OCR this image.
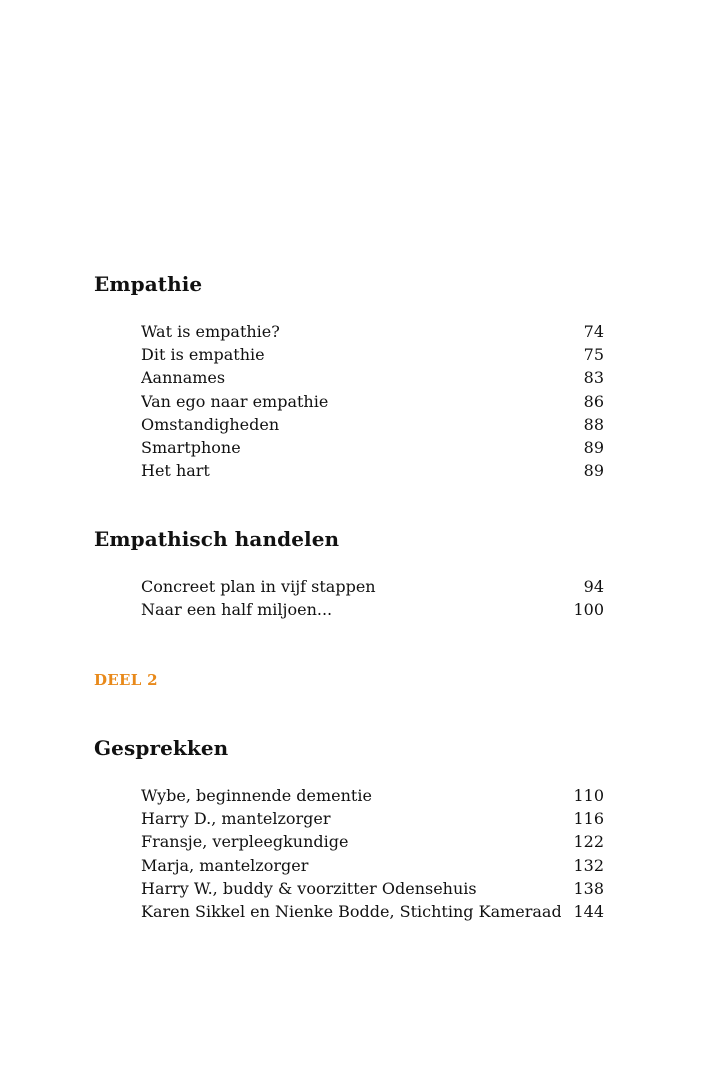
Empathie
Wat is empathie?	74
Dit is empathie	75
Aannames	83
Van ego naar empathie	86
Omstandigheden	88
Smartphone	89
Het hart	89
Empathisch handelen
Concreet plan in vijf stappen	94
Naar een half miljoen...	100
DEEL 2
Gesprekken
Wybe, beginnende dementie	110
Harry D., mantelzorger	116
Fransje, verpleegkundige	122
Marja, mantelzorger	132
Harry W., buddy & voorzitter Odensehuis	138
Karen Sikkel en Nienke Bodde, Stichting Kameraad 144
